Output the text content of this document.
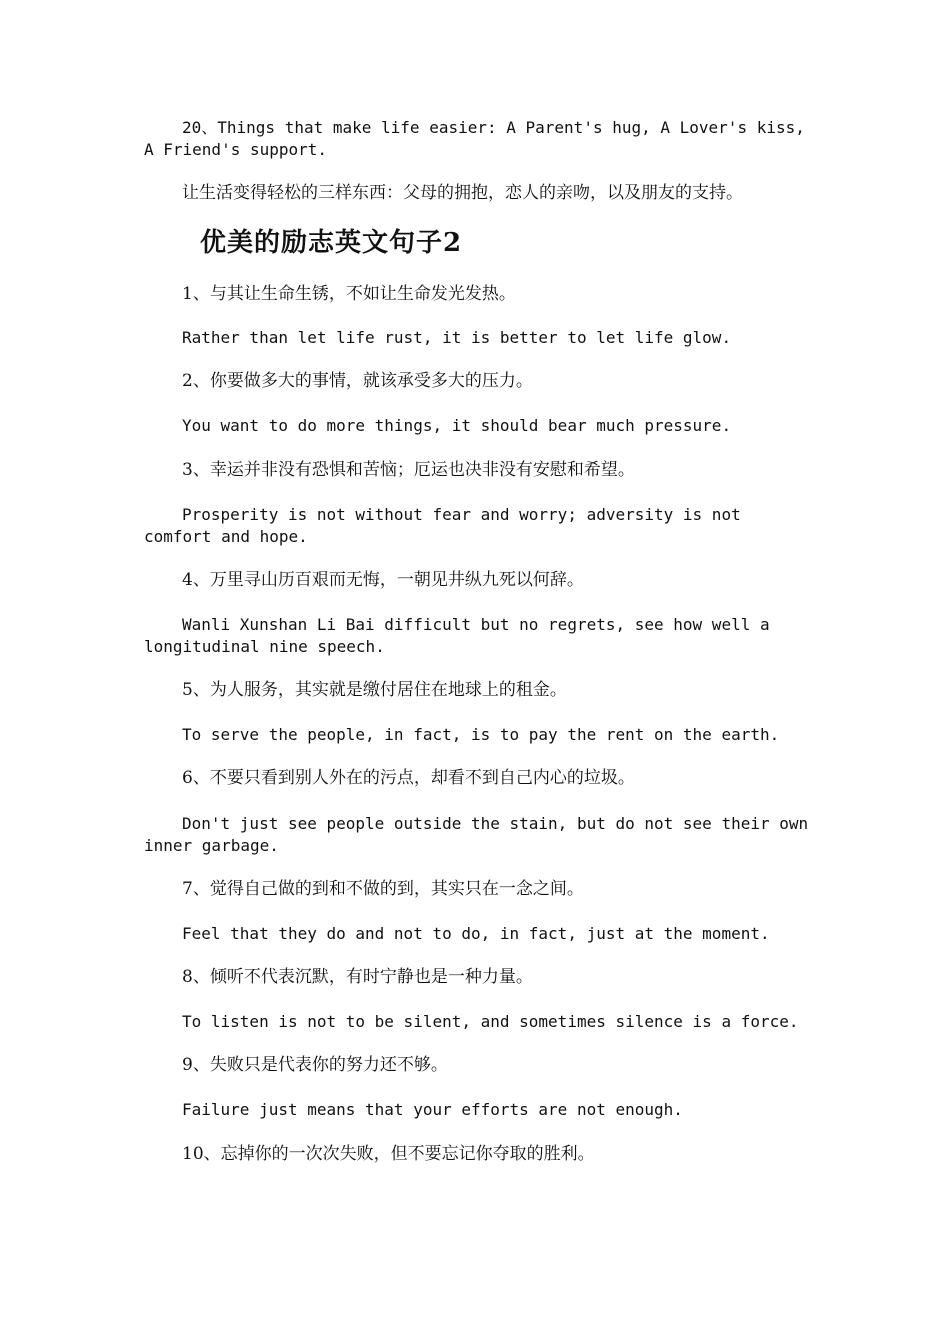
20、Things that make life easier: A Parent's hug, A Lover's kiss, A Friend's support.

让生活变得轻松的三样东西：父母的拥抱，恋人的亲吻，以及朋友的支持。

优美的励志英文句子2

1、与其让生命生锈，不如让生命发光发热。

Rather than let life rust, it is better to let life glow.

2、你要做多大的事情，就该承受多大的压力。

You want to do more things, it should bear much pressure.

3、幸运并非没有恐惧和苦恼；厄运也决非没有安慰和希望。

Prosperity is not without fear and worry; adversity is not comfort and hope.

4、万里寻山历百艰而无悔，一朝见井纵九死以何辞。

Wanli Xunshan Li Bai difficult but no regrets, see how well a longitudinal nine speech.

5、为人服务，其实就是缴付居住在地球上的租金。

To serve the people, in fact, is to pay the rent on the earth.

6、不要只看到别人外在的污点，却看不到自己内心的垃圾。

Don't just see people outside the stain, but do not see their own inner garbage.

7、觉得自己做的到和不做的到，其实只在一念之间。

Feel that they do and not to do, in fact, just at the moment.

8、倾听不代表沉默，有时宁静也是一种力量。

To listen is not to be silent, and sometimes silence is a force.

9、失败只是代表你的努力还不够。

Failure just means that your efforts are not enough.

10、忘掉你的一次次失败，但不要忘记你夺取的胜利。
